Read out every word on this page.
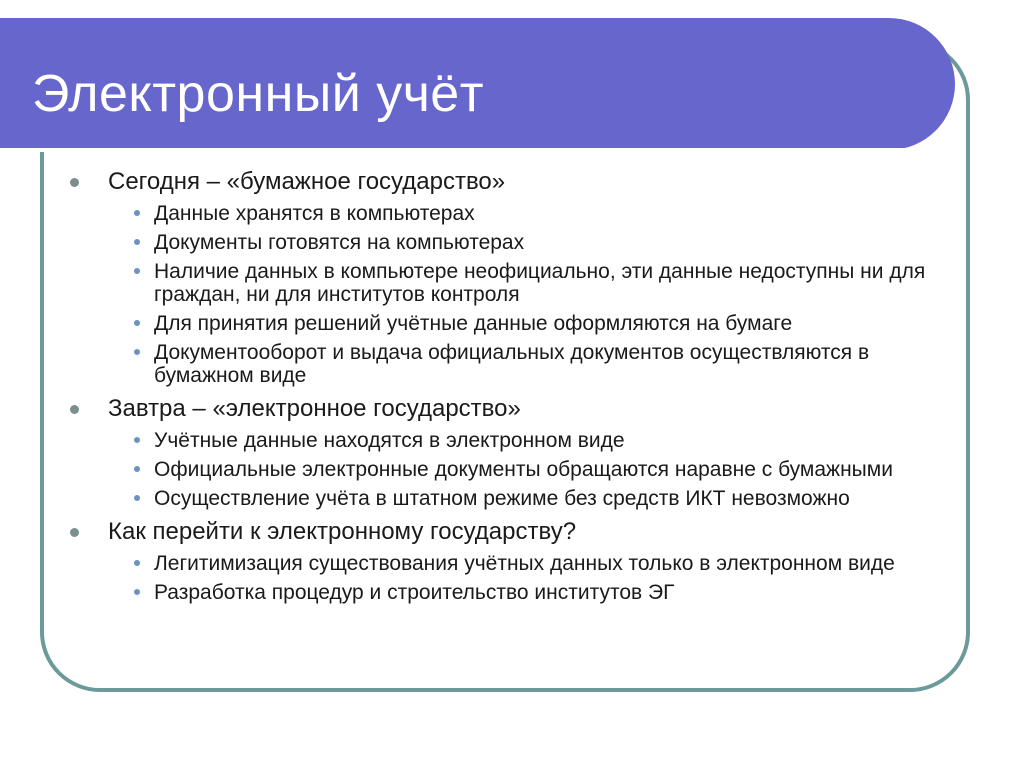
Электронный учёт
Сегодня – «бумажное государство»
Данные хранятся в компьютерах
Документы готовятся на компьютерах
Наличие данных в компьютере неофициально, эти данные недоступны ни для граждан, ни для институтов контроля
Для принятия решений учётные данные оформляются на бумаге
Документооборот и выдача официальных документов осуществляются в бумажном виде
Завтра – «электронное государство»
Учётные данные находятся в электронном виде
Официальные электронные документы обращаются наравне с бумажными
Осуществление учёта в штатном режиме без средств ИКТ невозможно
Как перейти к электронному государству?
Легитимизация существования учётных данных только в электронном виде
Разработка процедур и строительство институтов ЭГ
